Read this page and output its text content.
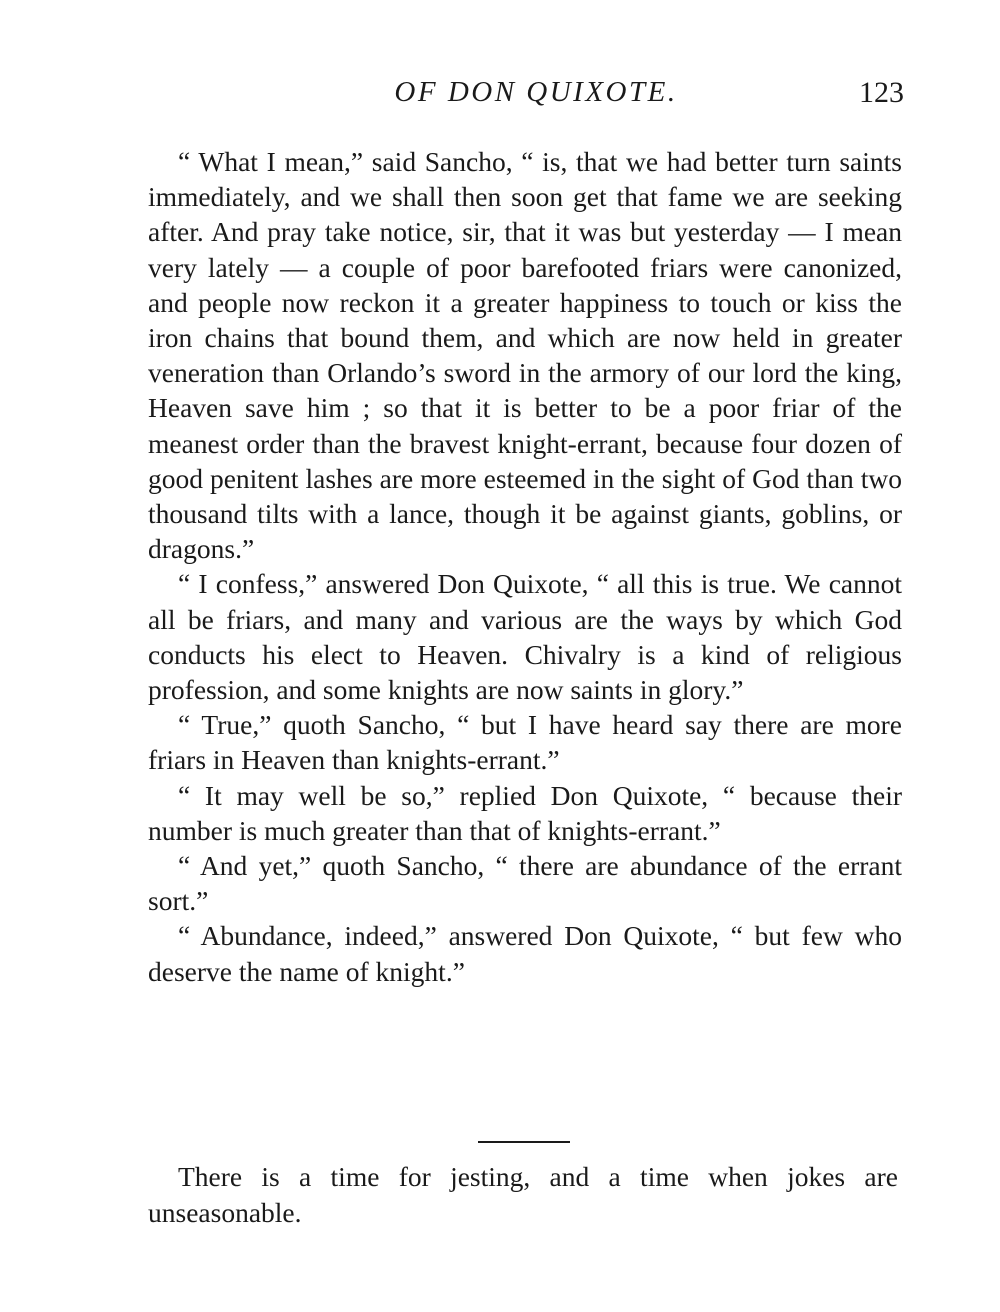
OF DON QUIXOTE.	123

“ What I mean,” said Sancho, “ is, that we had better turn saints immediately, and we shall then soon get that fame we are seeking after. And pray take notice, sir, that it was but yesterday — I mean very lately — a couple of poor barefooted friars were canonized, and people now reckon it a greater happiness to touch or kiss the iron chains that bound them, and which are now held in greater veneration than Orlando’s sword in the armory of our lord the king, Heaven save him ; so that it is better to be a poor friar of the meanest order than the bravest knight-errant, because four dozen of good penitent lashes are more esteemed in the sight of God than two thousand tilts with a lance, though it be against giants, goblins, or dragons.”

“ I confess,” answered Don Quixote, “ all this is true. We cannot all be friars, and many and various are the ways by which God conducts his elect to Heaven. Chivalry is a kind of religious profession, and some knights are now saints in glory.”

“ True,” quoth Sancho, “ but I have heard say there are more friars in Heaven than knights-errant.”

“ It may well be so,” replied Don Quixote, “ because their number is much greater than that of knights-errant.”

“ And yet,” quoth Sancho, “ there are abundance of the errant sort.”

“ Abundance, indeed,” answered Don Quixote, “ but few who deserve the name of knight.”

There is a time for jesting, and a time when jokes are unseasonable.
